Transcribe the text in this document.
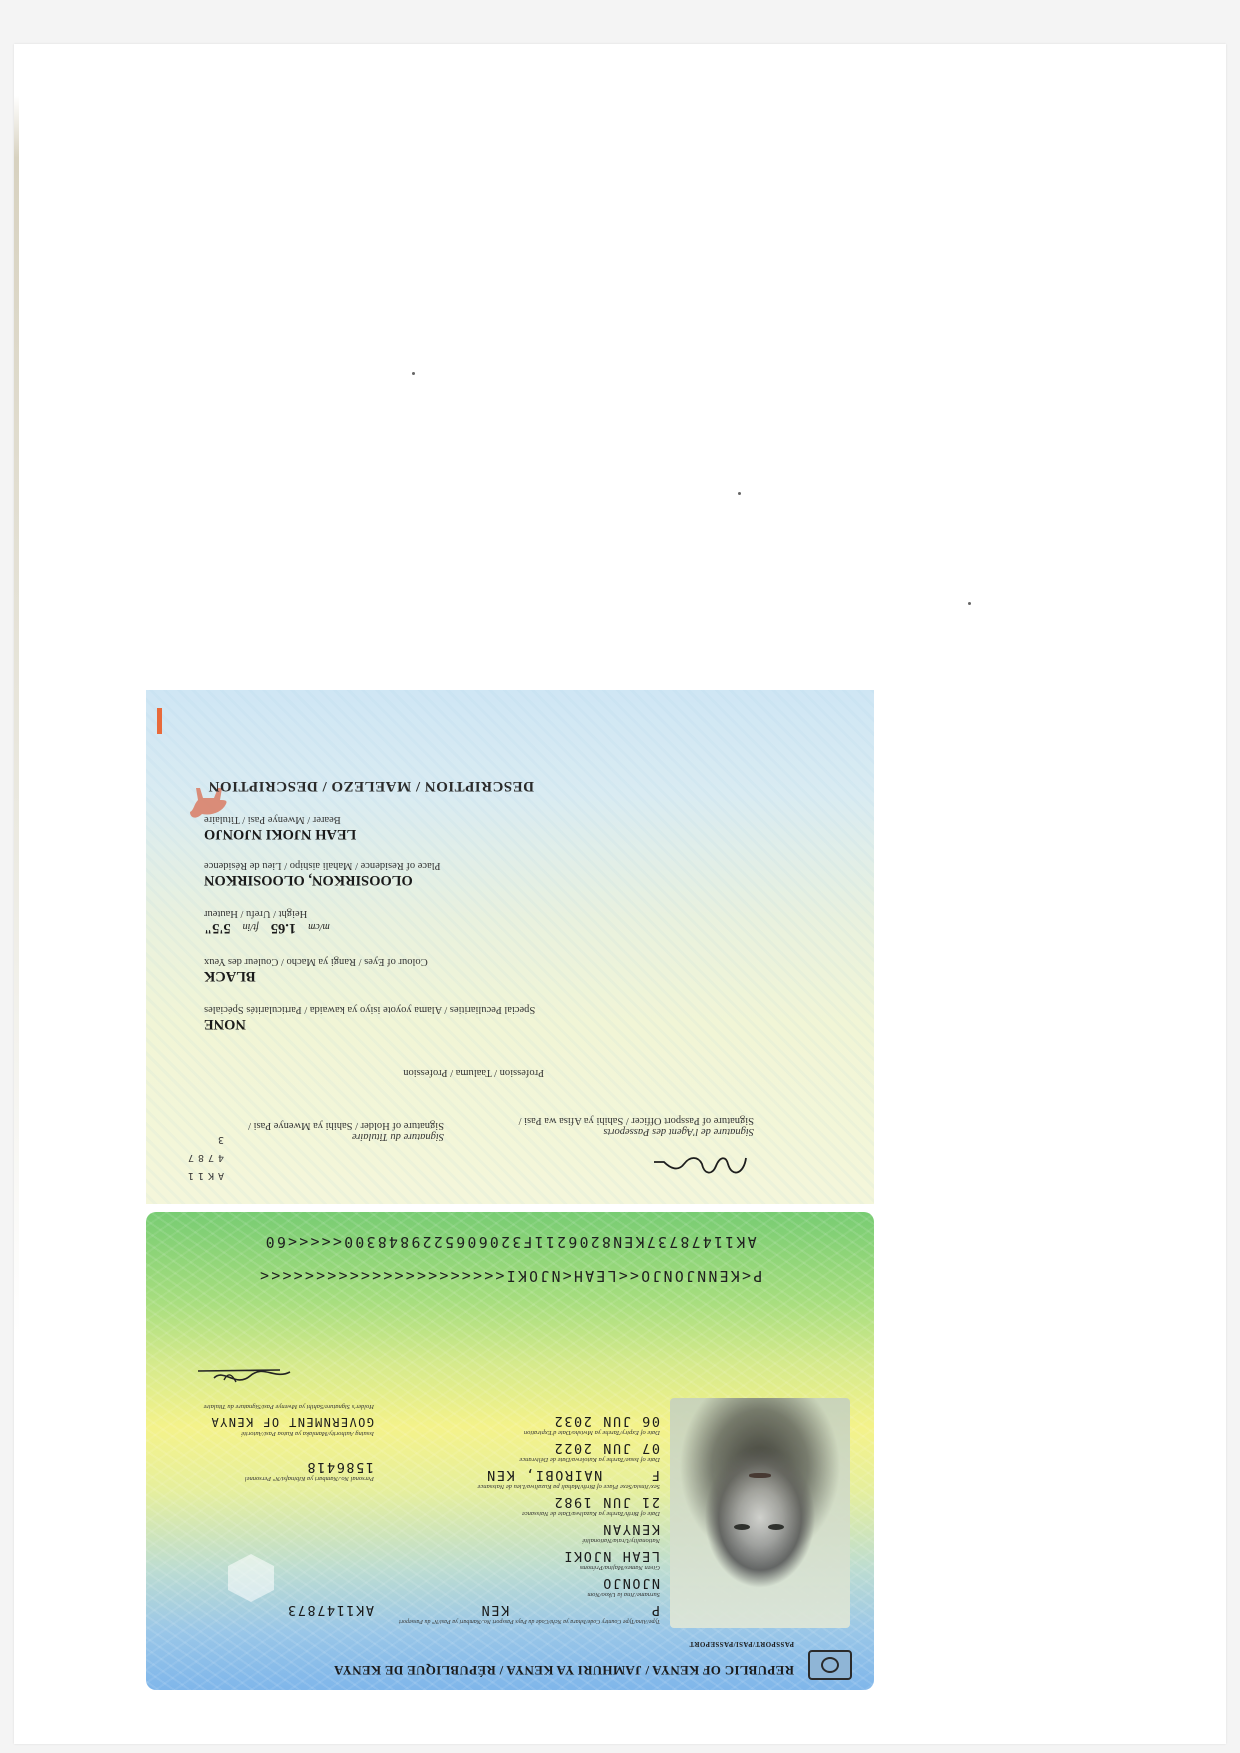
REPUBLIC OF KENYA / JAMHURI YA KENYA / RÉPUBLIQUE DE KENYA
PASSPORT/PASI/PASSEPORT
Type/Aina/Type Country Code/Ishara ya Nchi/Code du Pays Passport No./Nambari ya Pasi/N° du Passeport
P
KEN
Surname/Jina la Ukoo/Nom
NJONJO
Given Names/Majina/Prénoms
LEAH NJOKI
Nationality/Uraia/Nationalité
KENYAN
Date of Birth/Tarehe ya Kuzaliwa/Date de Naissance
21 JUN 1982
Sex/Jinsia/Sexe Place of Birth/Mahali pa Kuzaliwa/Lieu de Naissance
F
NAIROBI, KEN
Date of Issue/Tarehe ya Kutolewa/Date de Délivrance
07 JUN 2022
Date of Expiry/Tarehe ya Mwisho/Date d'Expiration
06 JUN 2032
AK1147873
Personal No./Nambari ya Kibinafsi/N° Personnel
1586418
Issuing Authority/Mamlaka ya Kutoa Pasi/Autorité
GOVERNMENT OF KENYA
Holder's Signature/Sahihi ya Mwenye Pasi/Signature du Titulaire
P<KENNJONJO<<LEAH<NJOKI<<<<<<<<<<<<<<<<<<<<<<
AK11478737KEN8206211F3206065229848300<<<<<60
AK1147873
Signature de l'Agent des Passeports
Signature of Passport Officer / Sahihi ya Afisa wa Pasi /
Signature du Titulaire
Signature of Holder / Sahihi ya Mwenye Pasi /
Profession / Taaluma / Profession
NONE
Special Peculiarities / Alama yoyote isiyo ya kawaida / Particularités Spéciales
BLACK
Colour of Eyes / Rangi ya Macho / Couleur des Yeux
m/cm
1.65
ft/in
5'5"
Height / Urefu / Hauteur
OLOOSIRKON, OLOOSIRKON
Place of Residence / Mahali aishipo / Lieu de Résidence
LEAH NJOKI NJONJO
Bearer / Mwenye Pasi / Titulaire
DESCRIPTION / MAELEZO / DESCRIPTION
